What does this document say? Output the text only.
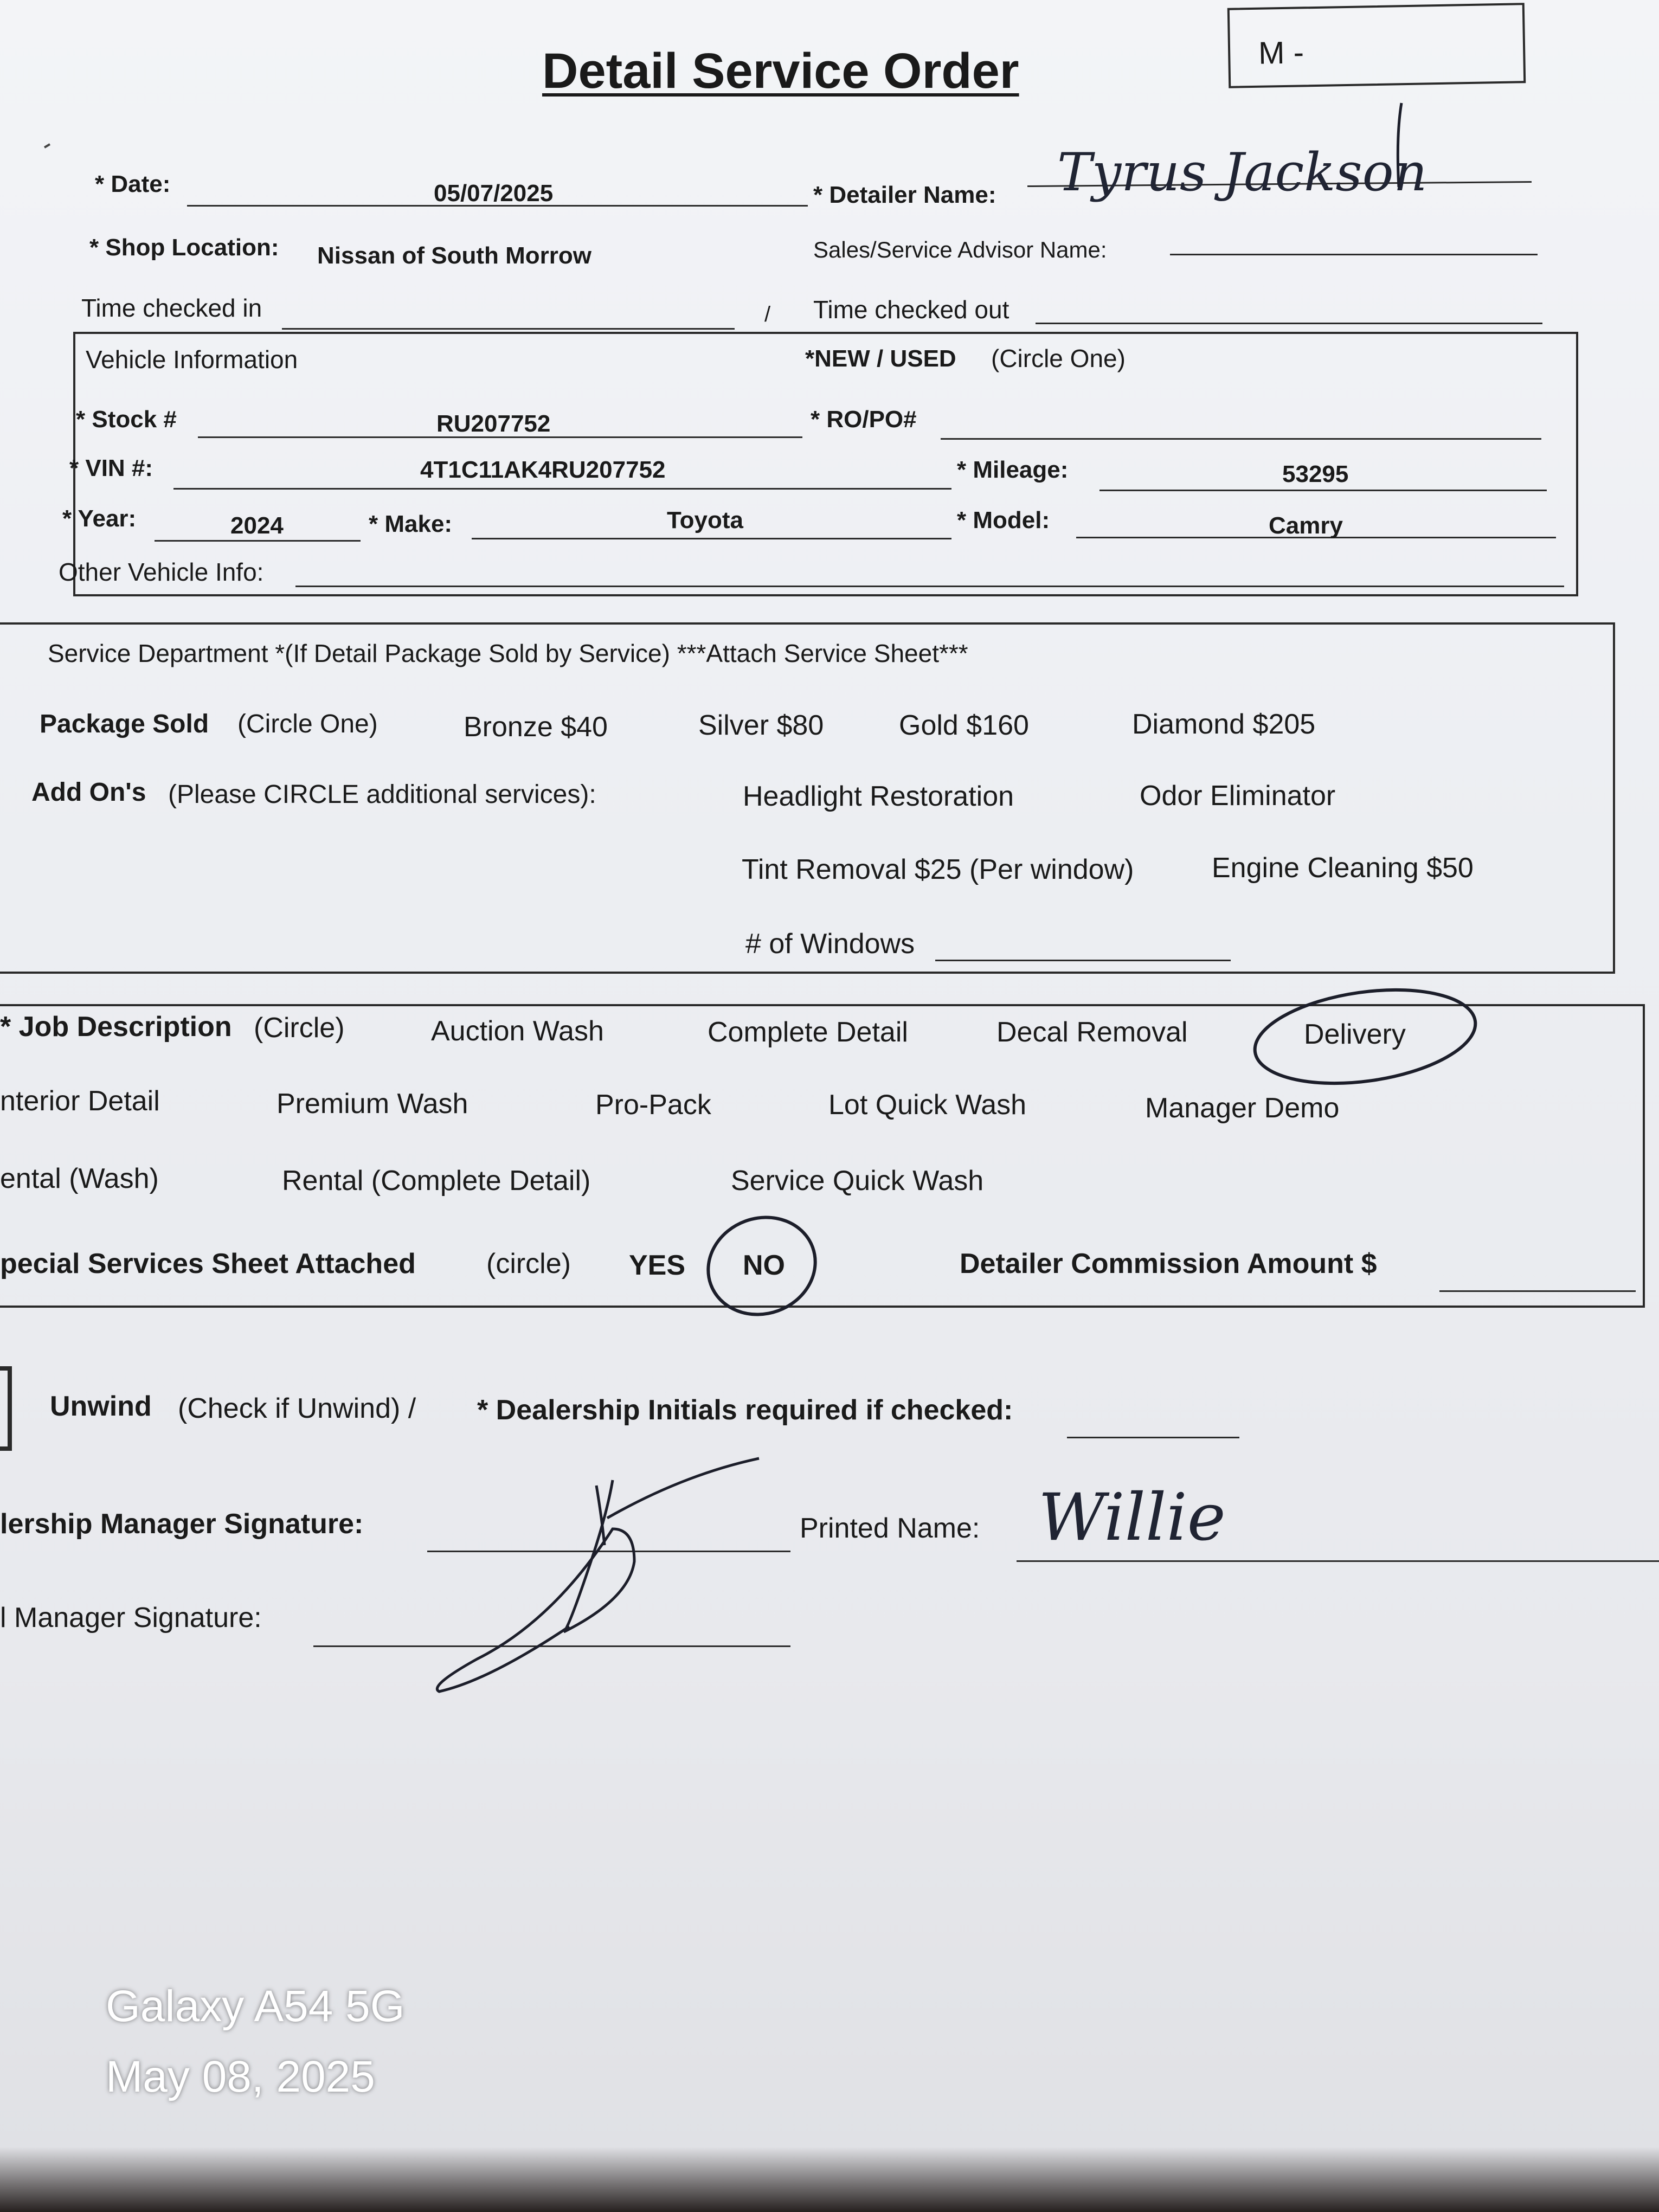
Detail Service Order	M -
* Date:	05/07/2025	* Detailer Name: Tyrus Jackson
* Shop Location: Nissan of South Morrow	Sales/Service Advisor Name:
Time checked in	/ Time checked out
Vehicle Information	*NEW / USED (Circle One)
* Stock #	RU207752	* RO/PO#
* VIN #:	4T1C11AK4RU207752	* Mileage:	53295
* Year:	2024	* Make:	Toyota	* Model:	Camry
Other Vehicle Info:
Service Department *(If Detail Package Sold by Service) ***Attach Service Sheet***
Package Sold (Circle One)	Bronze $40	Silver $80	Gold $160	Diamond $205
Add On's (Please CIRCLE additional services):	Headlight Restoration	Odor Eliminator
Tint Removal $25 (Per window)	Engine Cleaning $50
# of Windows
* Job Description (Circle)	Auction Wash	Complete Detail	Decal Removal	Delivery
nterior Detail	Premium Wash	Pro-Pack	Lot Quick Wash	Manager Demo
ental (Wash)	Rental (Complete Detail)	Service Quick Wash
pecial Services Sheet Attached	(circle) YES NO	Detailer Commission Amount $
Unwind (Check if Unwind) / * Dealership Initials required if checked:
lership Manager Signature:	Printed Name: Willie
l Manager Signature:
Galaxy A54 5G
May 08, 2025
